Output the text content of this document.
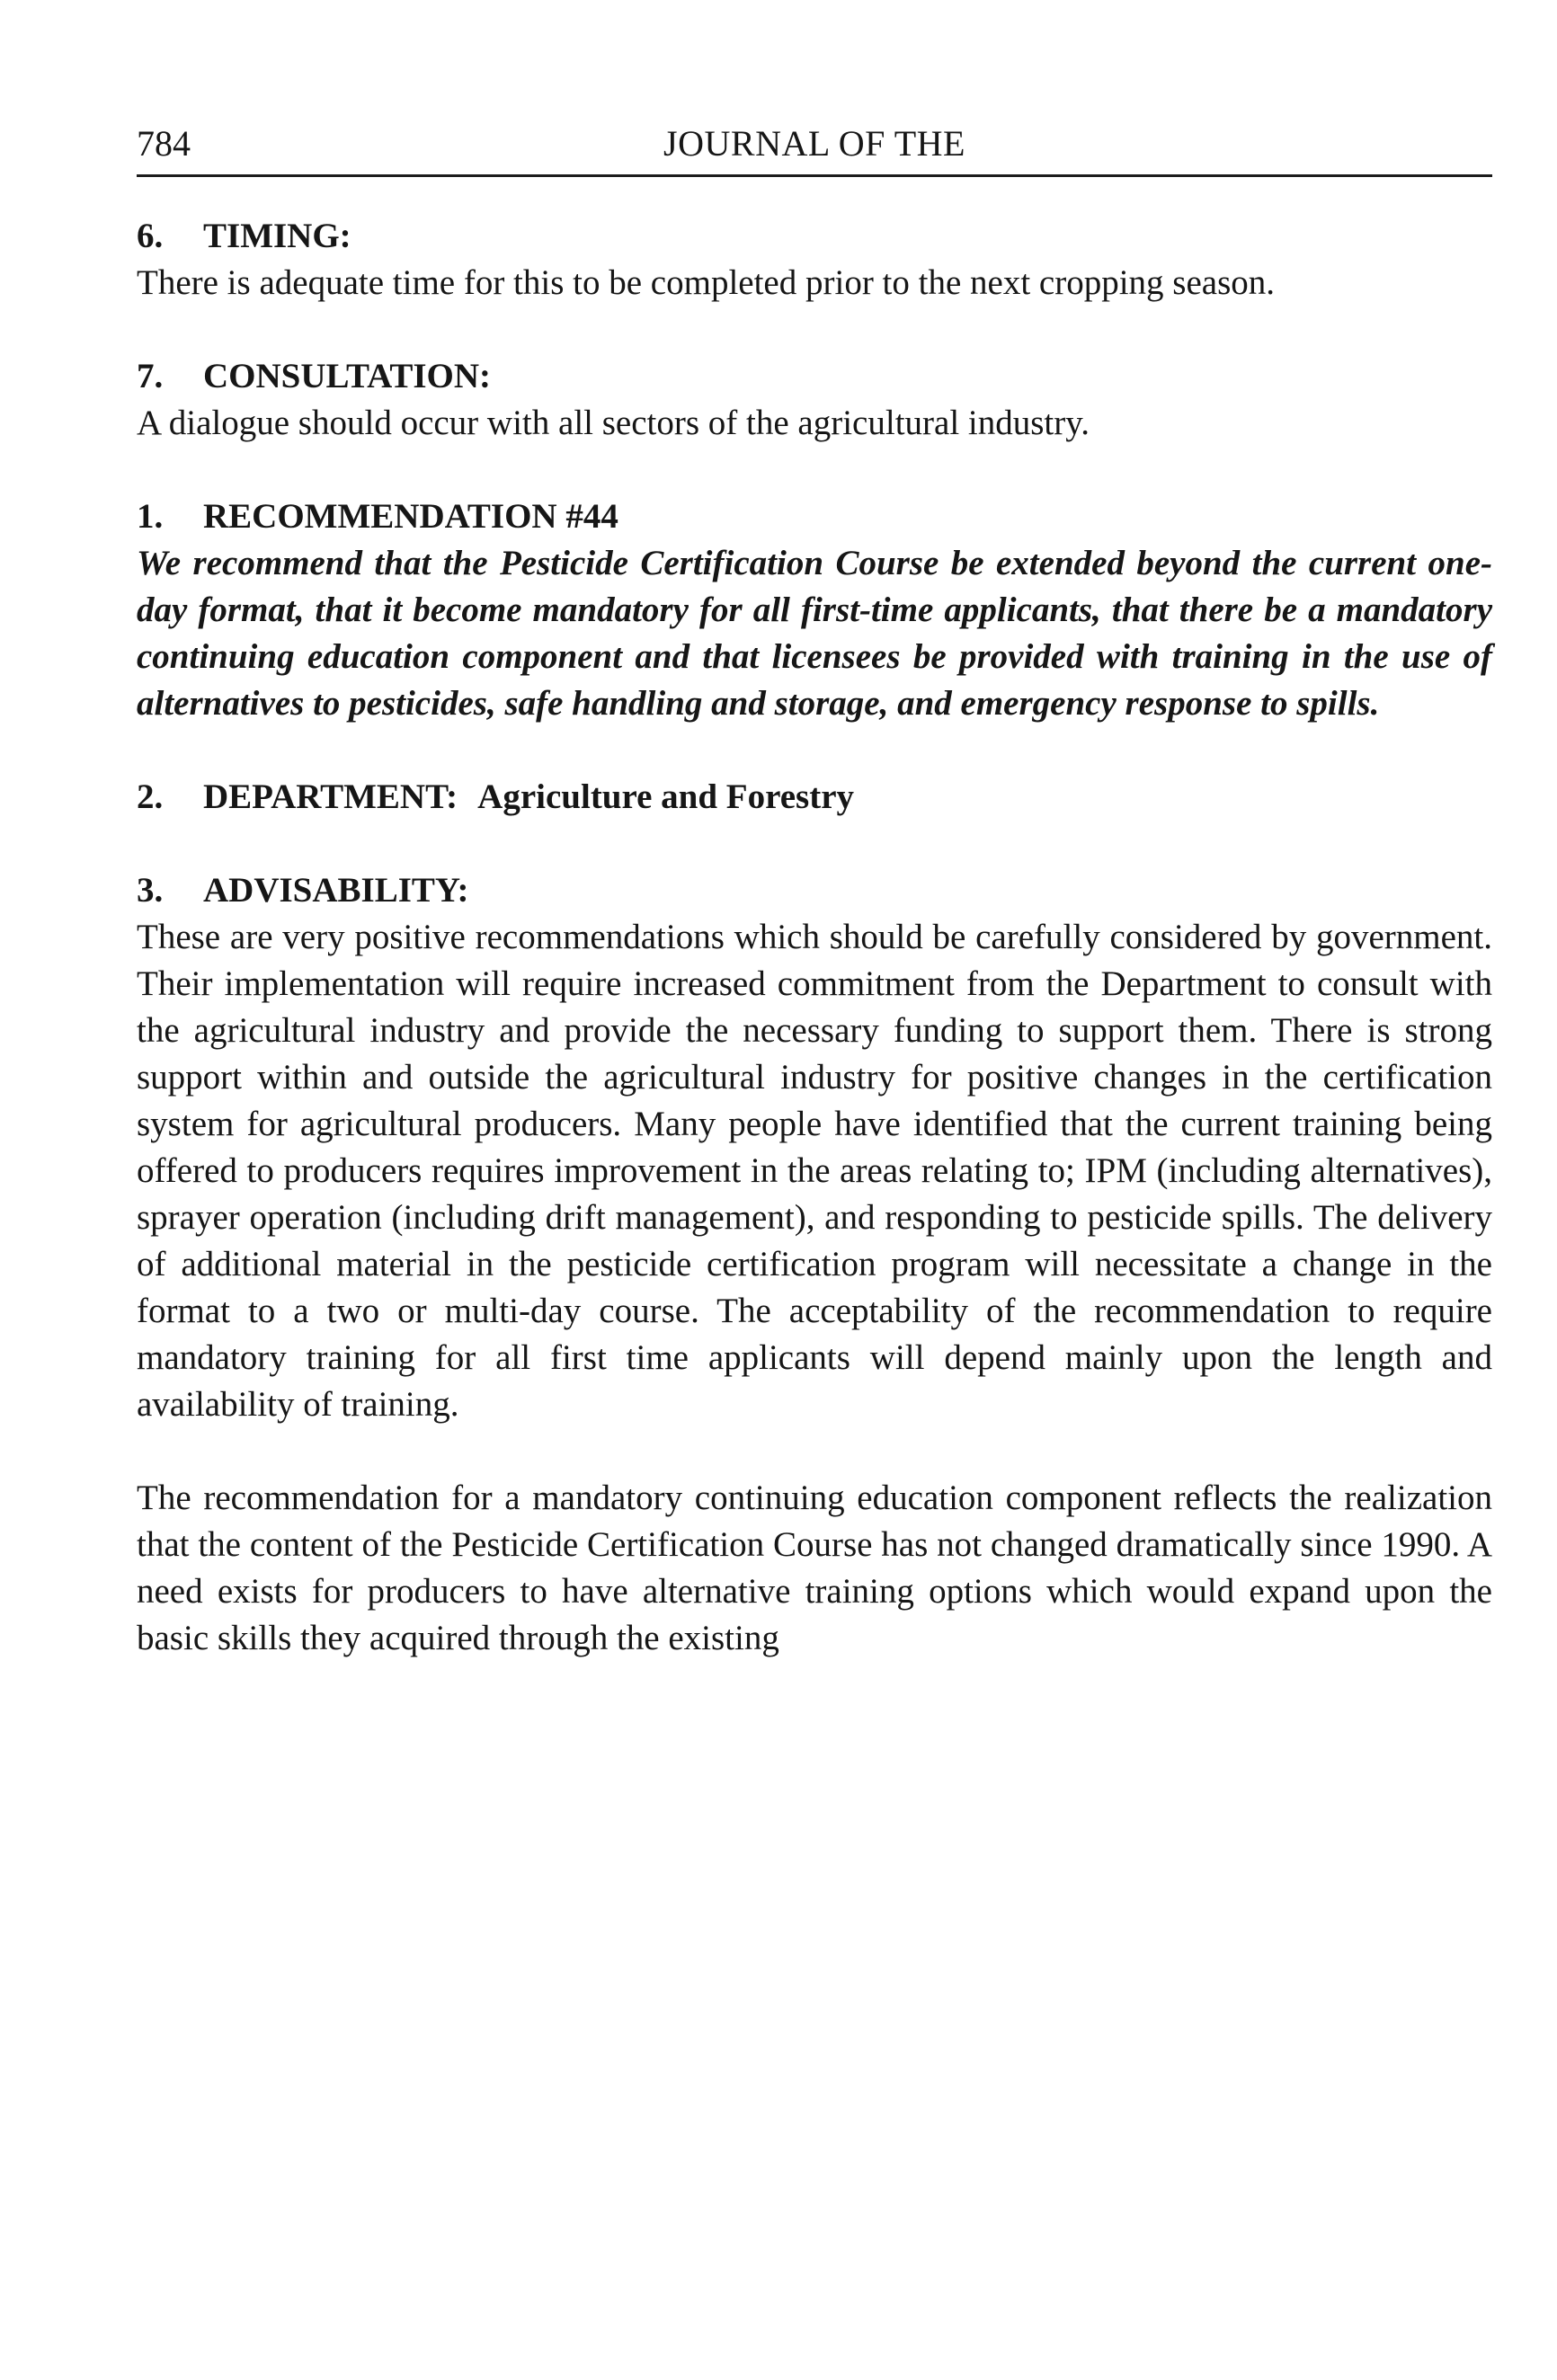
784	JOURNAL OF THE

6. TIMING:

There is adequate time for this to be completed prior to the next cropping season.

7. CONSULTATION:

A dialogue should occur with all sectors of the agricultural industry.

1. RECOMMENDATION #44

We recommend that the Pesticide Certification Course be extended beyond the current one-day format, that it become mandatory for all first-time applicants, that there be a mandatory continuing education component and that licensees be provided with training in the use of alternatives to pesticides, safe handling and storage, and emergency response to spills.

2. DEPARTMENT: Agriculture and Forestry

3. ADVISABILITY:

These are very positive recommendations which should be carefully considered by government. Their implementation will require increased commitment from the Department to consult with the agricultural industry and provide the necessary funding to support them. There is strong support within and outside the agricultural industry for positive changes in the certification system for agricultural producers. Many people have identified that the current training being offered to producers requires improvement in the areas relating to; IPM (including alternatives), sprayer operation (including drift management), and responding to pesticide spills. The delivery of additional material in the pesticide certification program will necessitate a change in the format to a two or multi-day course. The acceptability of the recommendation to require mandatory training for all first time applicants will depend mainly upon the length and availability of training.

The recommendation for a mandatory continuing education component reflects the realization that the content of the Pesticide Certification Course has not changed dramatically since 1990. A need exists for producers to have alternative training options which would expand upon the basic skills they acquired through the existing
